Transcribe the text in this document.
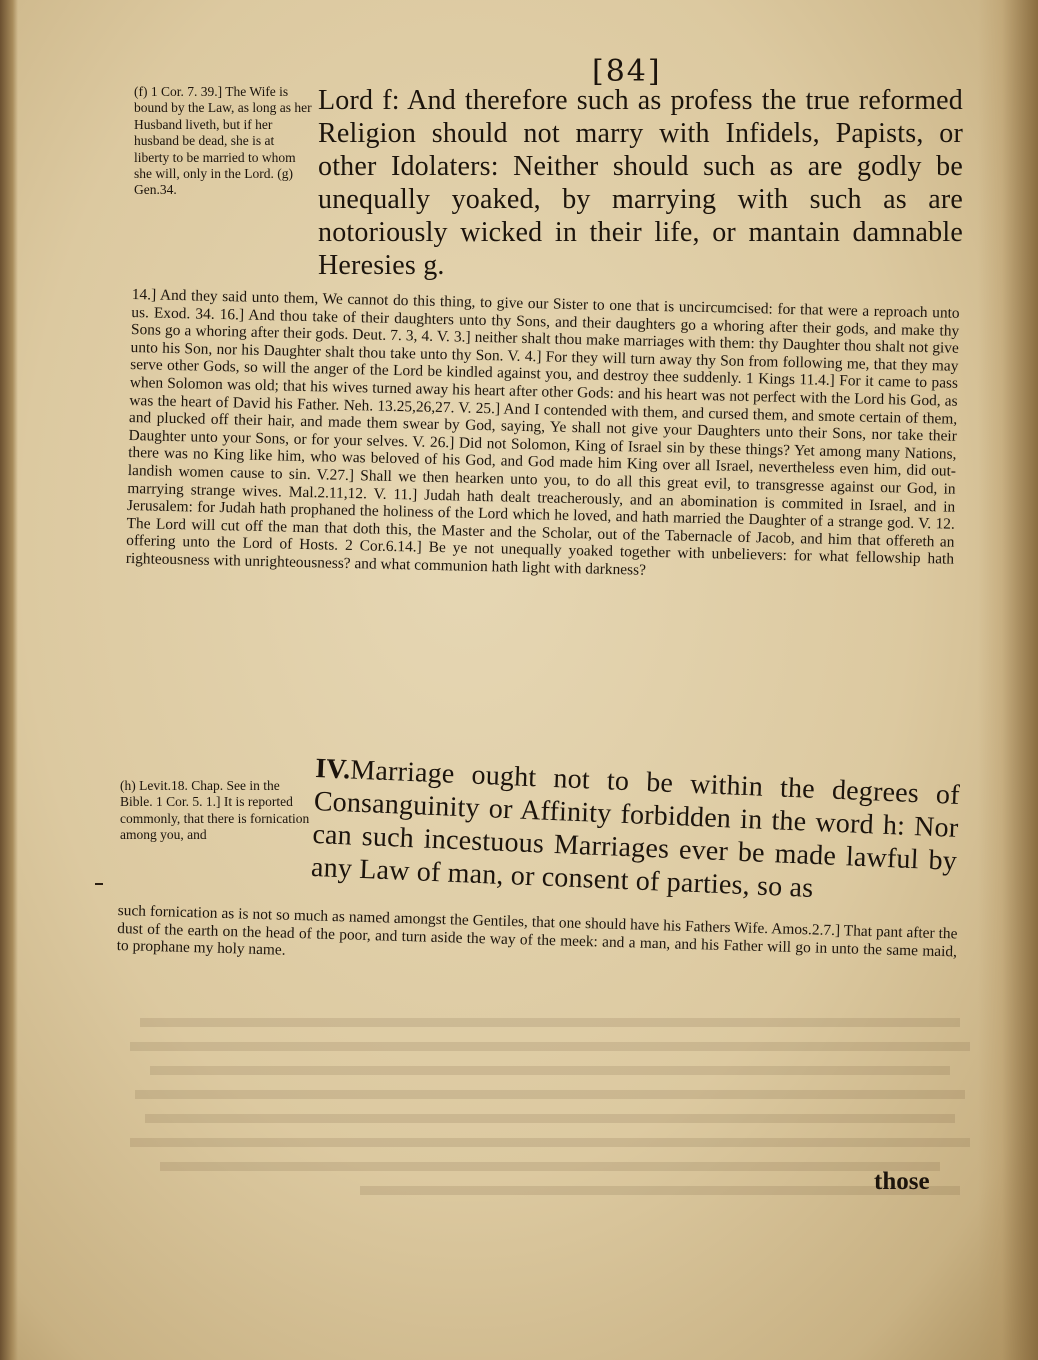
[84]
(f) 1 Cor. 7. 39.] The Wife is bound by the Law, as long as her Husband liveth, but if her husband be dead, she is at liberty to be married to whom she will, only in the Lord. (g) Gen.34.
Lord f: And therefore such as profess the true reformed Religion should not marry with Infidels, Papists, or other Idolaters: Neither should such as are godly be unequally yoaked, by marrying with such as are notoriously wicked in their life, or mantain damnable Heresies g.
14.] And they said unto them, We cannot do this thing, to give our Sister to one that is uncircumcised: for that were a reproach unto us. Exod. 34. 16.] And thou take of their daughters unto thy Sons, and their daughters go a whoring after their gods, and make thy Sons go a whoring after their gods. Deut. 7. 3, 4. V. 3.] neither shalt thou make marriages with them: thy Daughter thou shalt not give unto his Son, nor his Daughter shalt thou take unto thy Son. V. 4.] For they will turn away thy Son from following me, that they may serve other Gods, so will the anger of the Lord be kindled against you, and destroy thee suddenly. 1 Kings 11.4.] For it came to pass when Solomon was old; that his wives turned away his heart after other Gods: and his heart was not perfect with the Lord his God, as was the heart of David his Father. Neh. 13.25,26,27. V. 25.] And I contended with them, and cursed them, and smote certain of them, and plucked off their hair, and made them swear by God, saying, Ye shall not give your Daughters unto their Sons, nor take their Daughter unto your Sons, or for your selves. V. 26.] Did not Solomon, King of Israel sin by these things? Yet among many Nations, there was no King like him, who was beloved of his God, and God made him King over all Israel, nevertheless even him, did out-landish women cause to sin. V.27.] Shall we then hearken unto you, to do all this great evil, to transgresse against our God, in marrying strange wives. Mal.2.11,12. V. 11.] Judah hath dealt treacherously, and an abomination is commited in Israel, and in Jerusalem: for Judah hath prophaned the holiness of the Lord which he loved, and hath married the Daughter of a strange god. V. 12. The Lord will cut off the man that doth this, the Master and the Scholar, out of the Tabernacle of Jacob, and him that offereth an offering unto the Lord of Hosts. 2 Cor.6.14.] Be ye not unequally yoaked together with unbelievers: for what fellowship hath righteousness with unrighteousness? and what communion hath light with darkness?
(h) Levit.18. Chap. See in the Bible. 1 Cor. 5. 1.] It is reported commonly, that there is fornication among you, and
IV.Marriage ought not to be within the degrees of Consanguinity or Affinity forbidden in the word h: Nor can such incestuous Marriages ever be made lawful by any Law of man, or consent of parties, so as
such fornication as is not so much as named amongst the Gentiles, that one should have his Fathers Wife. Amos.2.7.] That pant after the dust of the earth on the head of the poor, and turn aside the way of the meek: and a man, and his Father will go in unto the same maid, to prophane my holy name.
those
